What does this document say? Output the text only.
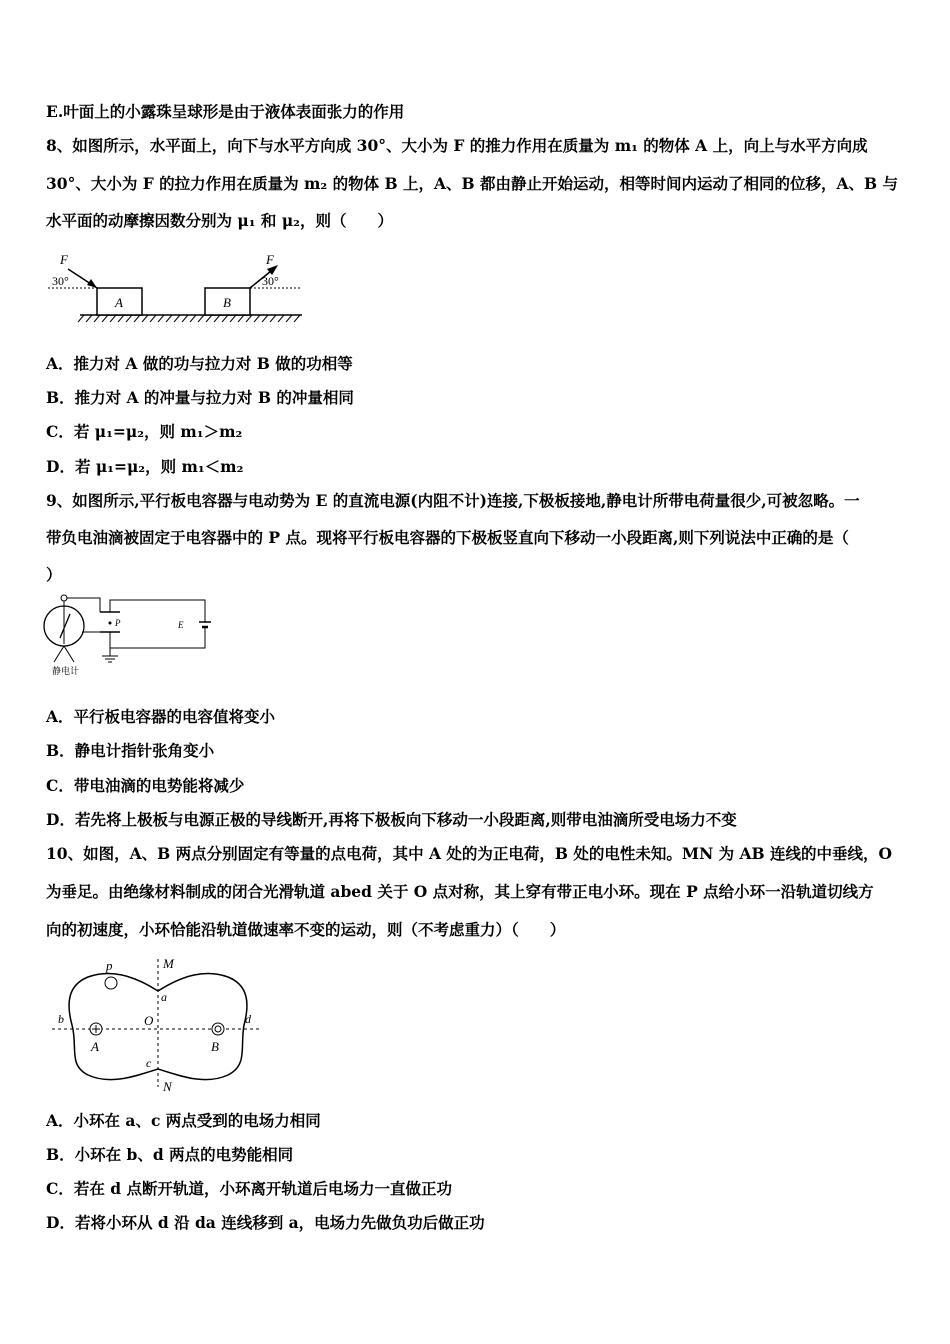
E.叶面上的小露珠呈球形是由于液体表面张力的作用
8、如图所示，水平面上，向下与水平方向成 30°、大小为 F 的推力作用在质量为 m₁ 的物体 A 上，向上与水平方向成
30°、大小为 F 的拉力作用在质量为 m₂ 的物体 B 上，A、B 都由静止开始运动，相等时间内运动了相同的位移，A、B 与
水平面的动摩擦因数分别为 μ₁ 和 μ₂，则（　　）
A	B
F
30°
F
30°
A．推力对 A 做的功与拉力对 B 做的功相等
B．推力对 A 的冲量与拉力对 B 的冲量相同
C．若 μ₁=μ₂，则 m₁＞m₂
D．若 μ₁=μ₂，则 m₁＜m₂
9、如图所示,平行板电容器与电动势为 E 的直流电源(内阻不计)连接,下极板接地,静电计所带电荷量很少,可被忽略。一
带负电油滴被固定于电容器中的 P 点。现将平行板电容器的下极板竖直向下移动一小段距离,则下列说法中正确的是（
）
静电计
P	E
A．平行板电容器的电容值将变小
B．静电计指针张角变小
C．带电油滴的电势能将减少
D．若先将上极板与电源正极的导线断开,再将下极板向下移动一小段距离,则带电油滴所受电场力不变
10、如图，A、B 两点分别固定有等量的点电荷，其中 A 处的为正电荷，B 处的电性未知。MN 为 AB 连线的中垂线，O
为垂足。由绝缘材料制成的闭合光滑轨道 abed 关于 O 点对称，其上穿有带正电小环。现在 P 点给小环一沿轨道切线方
向的初速度，小环恰能沿轨道做速率不变的运动，则（不考虑重力）（　　）
p	M
a
b	O	d
A	B
c
N
A．小环在 a、c 两点受到的电场力相同
B．小环在 b、d 两点的电势能相同
C．若在 d 点断开轨道，小环离开轨道后电场力一直做正功
D．若将小环从 d 沿 da 连线移到 a，电场力先做负功后做正功
